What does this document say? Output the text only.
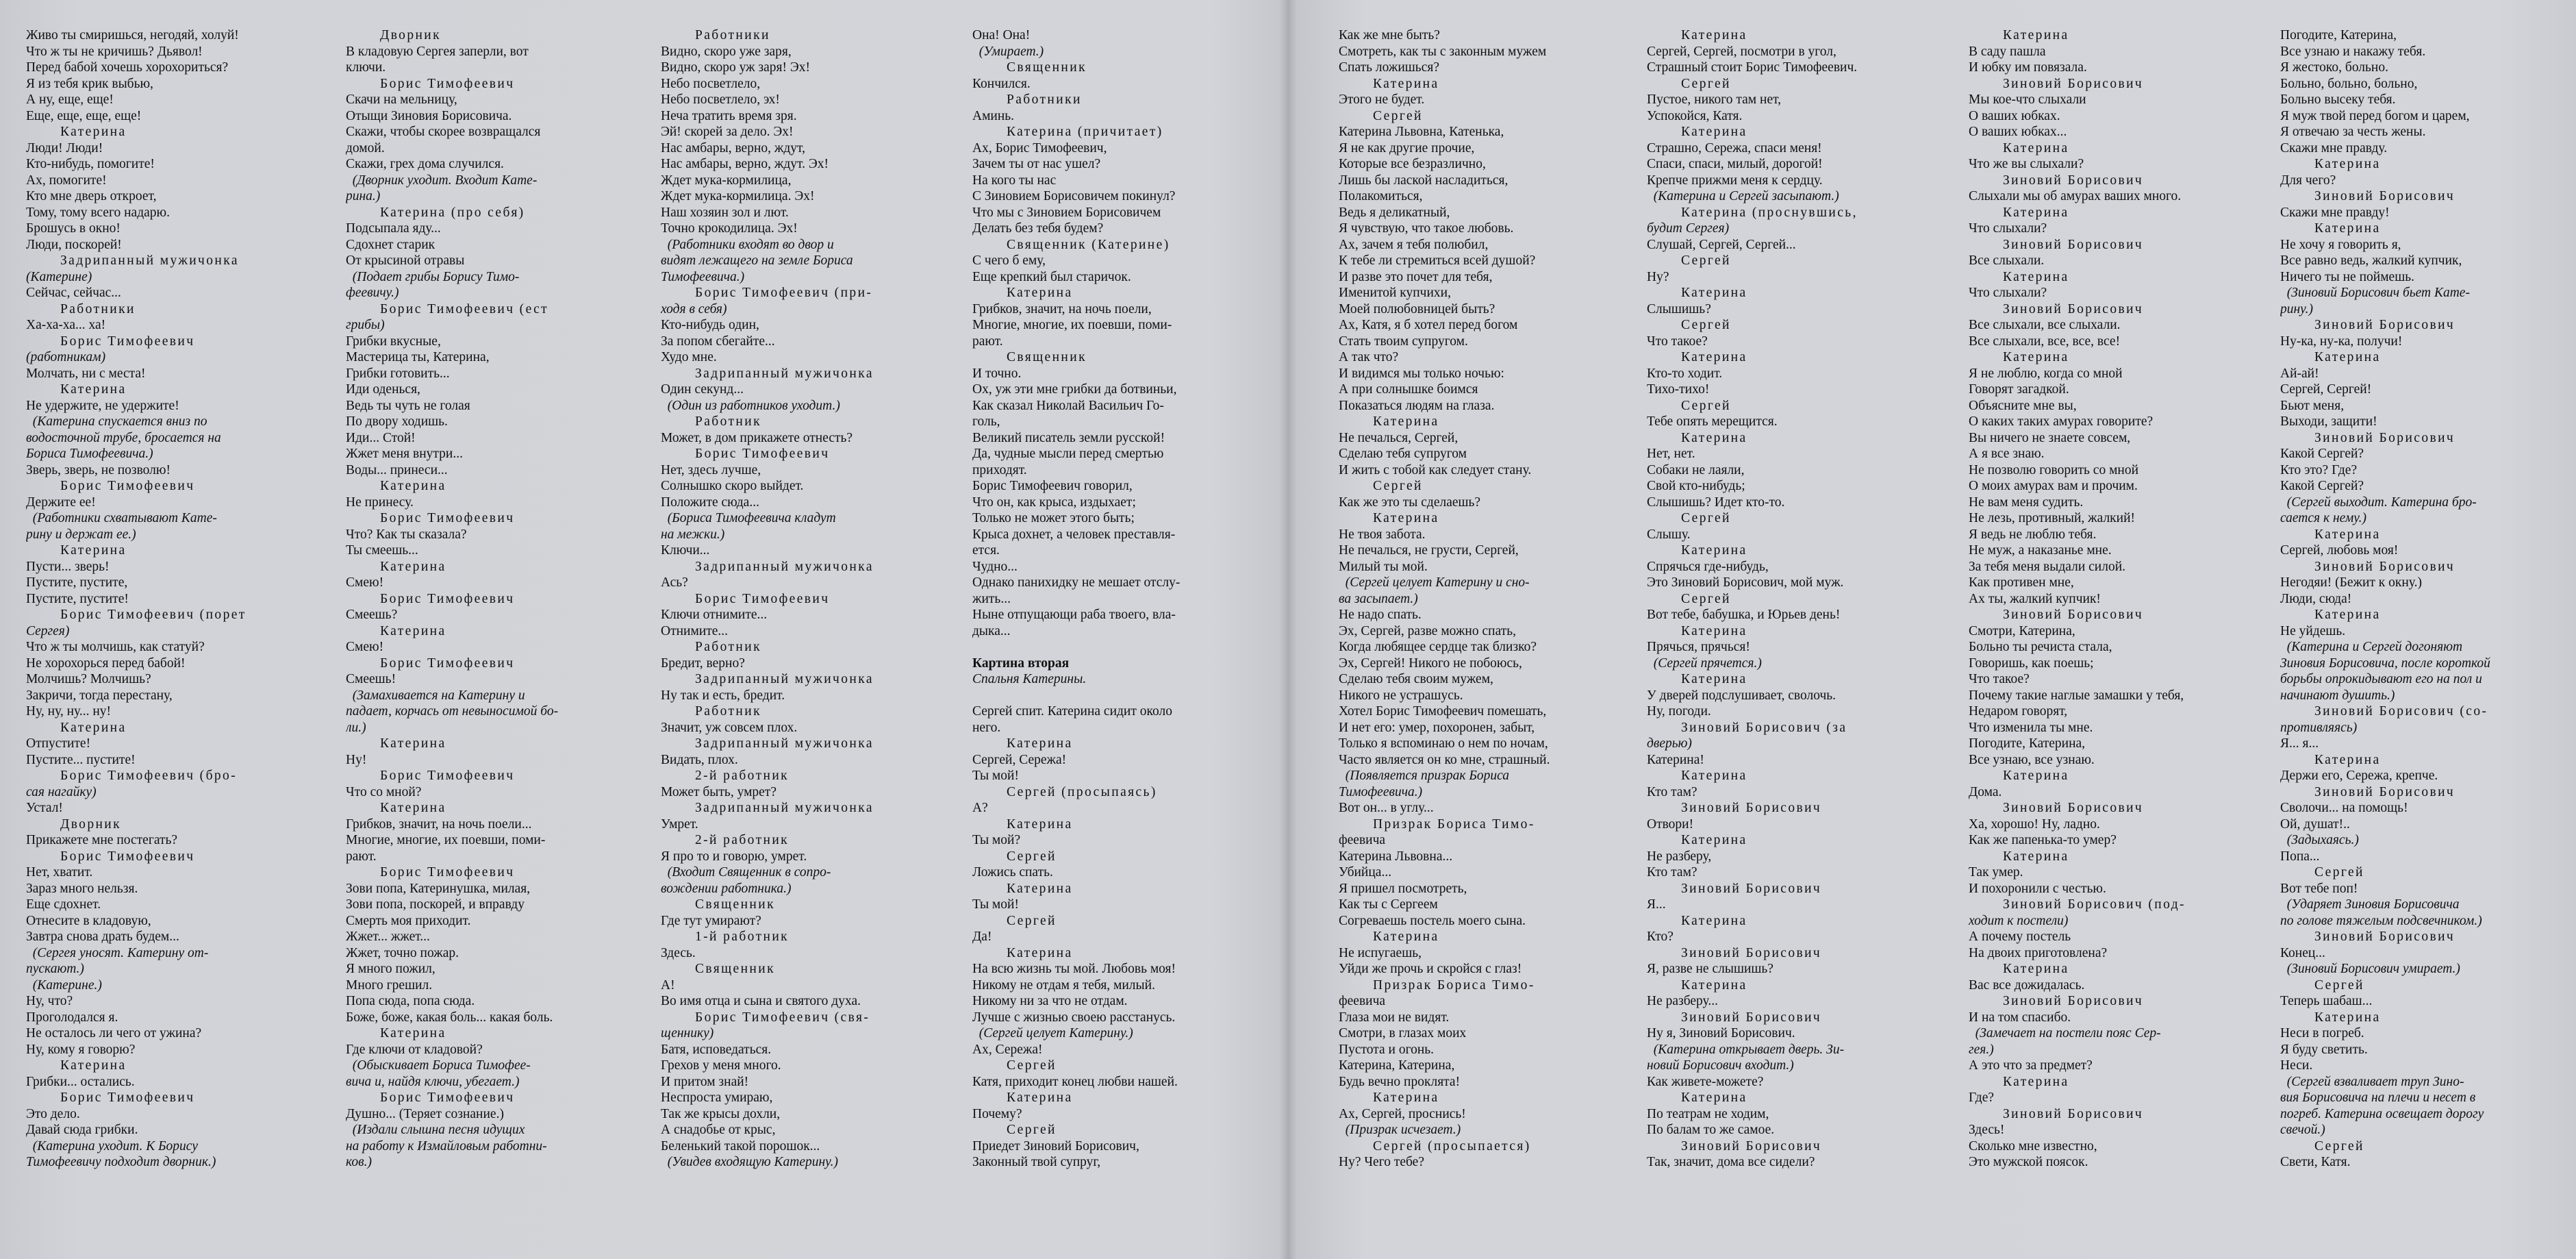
Живо ты смиришься, негодяй, холуй!
Что ж ты не кричишь? Дьявол!
Перед бабой хочешь хорохориться?
Я из тебя крик выбью,
А ну, еще, еще!
Еще, еще, еще, еще!
Катерина
Люди! Люди!
Кто-нибудь, помогите!
Ах, помогите!
Кто мне дверь откроет,
Тому, тому всего надарю.
Брошусь в окно!
Люди, поскорей!
Задрипанный мужичонка
(Катерине)
Сейчас, сейчас...
Работники
Ха-ха-ха... ха!
Борис Тимофеевич
(работникам)
Молчать, ни с места!
Катерина
Не удержите, не удержите!
(Катерина спускается вниз по
водосточной трубе, бросается на
Бориса Тимофеевича.)
Зверь, зверь, не позволю!
Борис Тимофеевич
Держите ее!
(Работники схватывают Кате-
рину и держат ее.)
Катерина
Пусти... зверь!
Пустите, пустите,
Пустите, пустите!
Борис Тимофеевич (порет
Сергея)
Что ж ты молчишь, как статуй?
Не хорохорься перед бабой!
Молчишь? Молчишь?
Закричи, тогда перестану,
Ну, ну, ну... ну!
Катерина
Отпустите!
Пустите... пустите!
Борис Тимофеевич (бро-
сая нагайку)
Устал!
Дворник
Прикажете мне постегать?
Борис Тимофеевич
Нет, хватит.
Зараз много нельзя.
Еще сдохнет.
Отнесите в кладовую,
Завтра снова драть будем...
(Сергея уносят. Катерину от-
пускают.)
(Катерине.)
Ну, что?
Проголодался я.
Не осталось ли чего от ужина?
Ну, кому я говорю?
Катерина
Грибки... остались.
Борис Тимофеевич
Это дело.
Давай сюда грибки.
(Катерина уходит. К Борису
Тимофеевичу подходит дворник.)
Дворник
В кладовую Сергея заперли, вот
ключи.
Борис Тимофеевич
Скачи на мельницу,
Отыщи Зиновия Борисовича.
Скажи, чтобы скорее возвращался
домой.
Скажи, грех дома случился.
(Дворник уходит. Входит Кате-
рина.)
Катерина (про себя)
Подсыпала яду...
Сдохнет старик
От крысиной отравы
(Подает грибы Борису Тимо-
феевичу.)
Борис Тимофеевич (ест
грибы)
Грибки вкусные,
Мастерица ты, Катерина,
Грибки готовить...
Иди оденься,
Ведь ты чуть не голая
По двору ходишь.
Иди... Стой!
Жжет меня внутри...
Воды... принеси...
Катерина
Не принесу.
Борис Тимофеевич
Что? Как ты сказала?
Ты смеешь...
Катерина
Смею!
Борис Тимофеевич
Смеешь?
Катерина
Смею!
Борис Тимофеевич
Смеешь!
(Замахивается на Катерину и
падает, корчась от невыносимой бо-
ли.)
Катерина
Ну!
Борис Тимофеевич
Что со мной?
Катерина
Грибков, значит, на ночь поели...
Многие, многие, их поевши, поми-
рают.
Борис Тимофеевич
Зови попа, Катеринушка, милая,
Зови попа, поскорей, и вправду
Смерть моя приходит.
Жжет... жжет...
Жжет, точно пожар.
Я много пожил,
Много грешил.
Попа сюда, попа сюда.
Боже, боже, какая боль... какая боль.
Катерина
Где ключи от кладовой?
(Обыскивает Бориса Тимофее-
вича и, найдя ключи, убегает.)
Борис Тимофеевич
Душно... (Теряет сознание.)
(Издали слышна песня идущих
на работу к Измайловым работни-
ков.)
Работники
Видно, скоро уже заря,
Видно, скоро уж заря! Эх!
Небо посветлело,
Небо посветлело, эх!
Неча тратить время зря.
Эй! скорей за дело. Эх!
Нас амбары, верно, ждут,
Нас амбары, верно, ждут. Эх!
Ждет мука-кормилица,
Ждет мука-кормилица. Эх!
Наш хозяин зол и лют.
Точно крокодилица. Эх!
(Работники входят во двор и
видят лежащего на земле Бориса
Тимофеевича.)
Борис Тимофеевич (при-
ходя в себя)
Кто-нибудь один,
За попом сбегайте...
Худо мне.
Задрипанный мужичонка
Один секунд...
(Один из работников уходит.)
Работник
Может, в дом прикажете отнесть?
Борис Тимофеевич
Нет, здесь лучше,
Солнышко скоро выйдет.
Положите сюда...
(Бориса Тимофеевича кладут
на межки.)
Ключи...
Задрипанный мужичонка
Ась?
Борис Тимофеевич
Ключи отнимите...
Отнимите...
Работник
Бредит, верно?
Задрипанный мужичонка
Ну так и есть, бредит.
Работник
Значит, уж совсем плох.
Задрипанный мужичонка
Видать, плох.
2-й работник
Может быть, умрет?
Задрипанный мужичонка
Умрет.
2-й работник
Я про то и говорю, умрет.
(Входит Священник в сопро-
вождении работника.)
Священник
Где тут умирают?
1-й работник
Здесь.
Священник
А!
Во имя отца и сына и святого духа.
Борис Тимофеевич (свя-
щеннику)
Батя, исповедаться.
Грехов у меня много.
И притом знай!
Неспроста умираю,
Так же крысы дохли,
А снадобье от крыс,
Беленький такой порошок...
(Увидев входящую Катерину.)
Она! Она!
(Умирает.)
Священник
Кончился.
Работники
Аминь.
Катерина (причитает)
Ах, Борис Тимофеевич,
Зачем ты от нас ушел?
На кого ты нас
С Зиновием Борисовичем покинул?
Что мы с Зиновием Борисовичем
Делать без тебя будем?
Священник (Катерине)
С чего б ему,
Еще крепкий был старичок.
Катерина
Грибков, значит, на ночь поели,
Многие, многие, их поевши, поми-
рают.
Священник
И точно.
Ох, уж эти мне грибки да ботвиньи,
Как сказал Николай Васильич Го-
голь,
Великий писатель земли русской!
Да, чудные мысли перед смертью
приходят.
Борис Тимофеевич говорил,
Что он, как крыса, издыхает;
Только не может этого быть;
Крыса дохнет, а человек преставля-
ется.
Чудно...
Однако панихидку не мешает отслу-
жить...
Ныне отпущающи раба твоего, вла-
дыка...
Картина вторая
Спальня Катерины.
Сергей спит. Катерина сидит около
него.
Катерина
Сергей, Сережа!
Ты мой!
Сергей (просыпаясь)
А?
Катерина
Ты мой?
Сергей
Ложись спать.
Катерина
Ты мой!
Сергей
Да!
Катерина
На всю жизнь ты мой. Любовь моя!
Никому не отдам я тебя, милый.
Никому ни за что не отдам.
Лучше с жизнью своею расстанусь.
(Сергей целует Катерину.)
Ах, Сережа!
Сергей
Катя, приходит конец любви нашей.
Катерина
Почему?
Сергей
Приедет Зиновий Борисович,
Законный твой супруг,
Как же мне быть?
Смотреть, как ты с законным мужем
Спать ложишься?
Катерина
Этого не будет.
Сергей
Катерина Львовна, Катенька,
Я не как другие прочие,
Которые все безразлично,
Лишь бы лаской насладиться,
Полакомиться,
Ведь я деликатный,
Я чувствую, что такое любовь.
Ах, зачем я тебя полюбил,
К тебе ли стремиться всей душой?
И разве это почет для тебя,
Именитой купчихи,
Моей полюбовницей быть?
Ах, Катя, я б хотел перед богом
Стать твоим супругом.
А так что?
И видимся мы только ночью:
А при солнышке боимся
Показаться людям на глаза.
Катерина
Не печалься, Сергей,
Сделаю тебя супругом
И жить с тобой как следует стану.
Сергей
Как же это ты сделаешь?
Катерина
Не твоя забота.
Не печалься, не грусти, Сергей,
Милый ты мой.
(Сергей целует Катерину и сно-
ва засыпает.)
Не надо спать.
Эх, Сергей, разве можно спать,
Когда любящее сердце так близко?
Эх, Сергей! Никого не побоюсь,
Сделаю тебя своим мужем,
Никого не устрашусь.
Хотел Борис Тимофеевич помешать,
И нет его: умер, похоронен, забыт,
Только я вспоминаю о нем по ночам,
Часто является он ко мне, страшный.
(Появляется призрак Бориса
Тимофеевича.)
Вот он... в углу...
Призрак Бориса Тимо-
феевича
Катерина Львовна...
Убийца...
Я пришел посмотреть,
Как ты с Сергеем
Согреваешь постель моего сына.
Катерина
Не испугаешь,
Уйди же прочь и скройся с глаз!
Призрак Бориса Тимо-
феевича
Глаза мои не видят.
Смотри, в глазах моих
Пустота и огонь.
Катерина, Катерина,
Будь вечно проклята!
Катерина
Ах, Сергей, проснись!
(Призрак исчезает.)
Сергей (просыпается)
Ну? Чего тебе?
Катерина
Сергей, Сергей, посмотри в угол,
Страшный стоит Борис Тимофеевич.
Сергей
Пустое, никого там нет,
Успокойся, Катя.
Катерина
Страшно, Сережа, спаси меня!
Спаси, спаси, милый, дорогой!
Крепче прижми меня к сердцу.
(Катерина и Сергей засыпают.)
Катерина (проснувшись,
будит Сергея)
Слушай, Сергей, Сергей...
Сергей
Ну?
Катерина
Слышишь?
Сергей
Что такое?
Катерина
Кто-то ходит.
Тихо-тихо!
Сергей
Тебе опять мерещится.
Катерина
Нет, нет.
Собаки не лаяли,
Свой кто-нибудь;
Слышишь? Идет кто-то.
Сергей
Слышу.
Катерина
Спрячься где-нибудь,
Это Зиновий Борисович, мой муж.
Сергей
Вот тебе, бабушка, и Юрьев день!
Катерина
Прячься, прячься!
(Сергей прячется.)
Катерина
У дверей подслушивает, сволочь.
Ну, погоди.
Зиновий Борисович (за
дверью)
Катерина!
Катерина
Кто там?
Зиновий Борисович
Отвори!
Катерина
Не разберу,
Кто там?
Зиновий Борисович
Я...
Катерина
Кто?
Зиновий Борисович
Я, разве не слышишь?
Катерина
Не разберу...
Зиновий Борисович
Ну я, Зиновий Борисович.
(Катерина открывает дверь. Зи-
новий Борисович входит.)
Как живете-можете?
Катерина
По театрам не ходим,
По балам то же самое.
Зиновий Борисович
Так, значит, дома все сидели?
Катерина
В саду пашла
И юбку им повязала.
Зиновий Борисович
Мы кое-что слыхали
О ваших юбках.
О ваших юбках...
Катерина
Что же вы слыхали?
Зиновий Борисович
Слыхали мы об амурах ваших много.
Катерина
Что слыхали?
Зиновий Борисович
Все слыхали.
Катерина
Что слыхали?
Зиновий Борисович
Все слыхали, все слыхали.
Все слыхали, все, все, все!
Катерина
Я не люблю, когда со мной
Говорят загадкой.
Объясните мне вы,
О каких таких амурах говорите?
Вы ничего не знаете совсем,
А я все знаю.
Не позволю говорить со мной
О моих амурах вам и прочим.
Не вам меня судить.
Не лезь, противный, жалкий!
Я ведь не люблю тебя.
Не муж, а наказанье мне.
За тебя меня выдали силой.
Как противен мне,
Ах ты, жалкий купчик!
Зиновий Борисович
Смотри, Катерина,
Больно ты речиста стала,
Говоришь, как поешь;
Что такое?
Почему такие наглые замашки у тебя,
Недаром говорят,
Что изменила ты мне.
Погодите, Катерина,
Все узнаю, все узнаю.
Катерина
Дома.
Зиновий Борисович
Ха, хорошо! Ну, ладно.
Как же папенька-то умер?
Катерина
Так умер.
И похоронили с честью.
Зиновий Борисович (под-
ходит к постели)
А почему постель
На двоих приготовлена?
Катерина
Вас все дожидалась.
Зиновий Борисович
И на том спасибо.
(Замечает на постели пояс Сер-
гея.)
А это что за предмет?
Катерина
Где?
Зиновий Борисович
Здесь!
Сколько мне известно,
Это мужской поясок.
Погодите, Катерина,
Все узнаю и накажу тебя.
Я жестоко, больно.
Больно, больно, больно,
Больно высеку тебя.
Я муж твой перед богом и царем,
Я отвечаю за честь жены.
Скажи мне правду.
Катерина
Для чего?
Зиновий Борисович
Скажи мне правду!
Катерина
Не хочу я говорить я,
Все равно ведь, жалкий купчик,
Ничего ты не поймешь.
(Зиновий Борисович бьет Кате-
рину.)
Зиновий Борисович
Ну-ка, ну-ка, получи!
Катерина
Ай-ай!
Сергей, Сергей!
Бьют меня,
Выходи, защити!
Зиновий Борисович
Какой Сергей?
Кто это? Где?
Какой Сергей?
(Сергей выходит. Катерина бро-
сается к нему.)
Катерина
Сергей, любовь моя!
Зиновий Борисович
Негодяи! (Бежит к окну.)
Люди, сюда!
Катерина
Не уйдешь.
(Катерина и Сергей догоняют
Зиновия Борисовича, после короткой
борьбы опрокидывают его на пол и
начинают душить.)
Зиновий Борисович (со-
противляясь)
Я... я...
Катерина
Держи его, Сережа, крепче.
Зиновий Борисович
Сволочи... на помощь!
Ой, душат!..
(Задыхаясь.)
Попа...
Сергей
Вот тебе поп!
(Ударяет Зиновия Борисовича
по голове тяжелым подсвечником.)
Зиновий Борисович
Конец...
(Зиновий Борисович умирает.)
Сергей
Теперь шабаш...
Катерина
Неси в погреб.
Я буду светить.
Неси.
(Сергей взваливает труп Зино-
вия Борисовича на плечи и несет в
погреб. Катерина освещает дорогу
свечой.)
Сергей
Свети, Катя.
